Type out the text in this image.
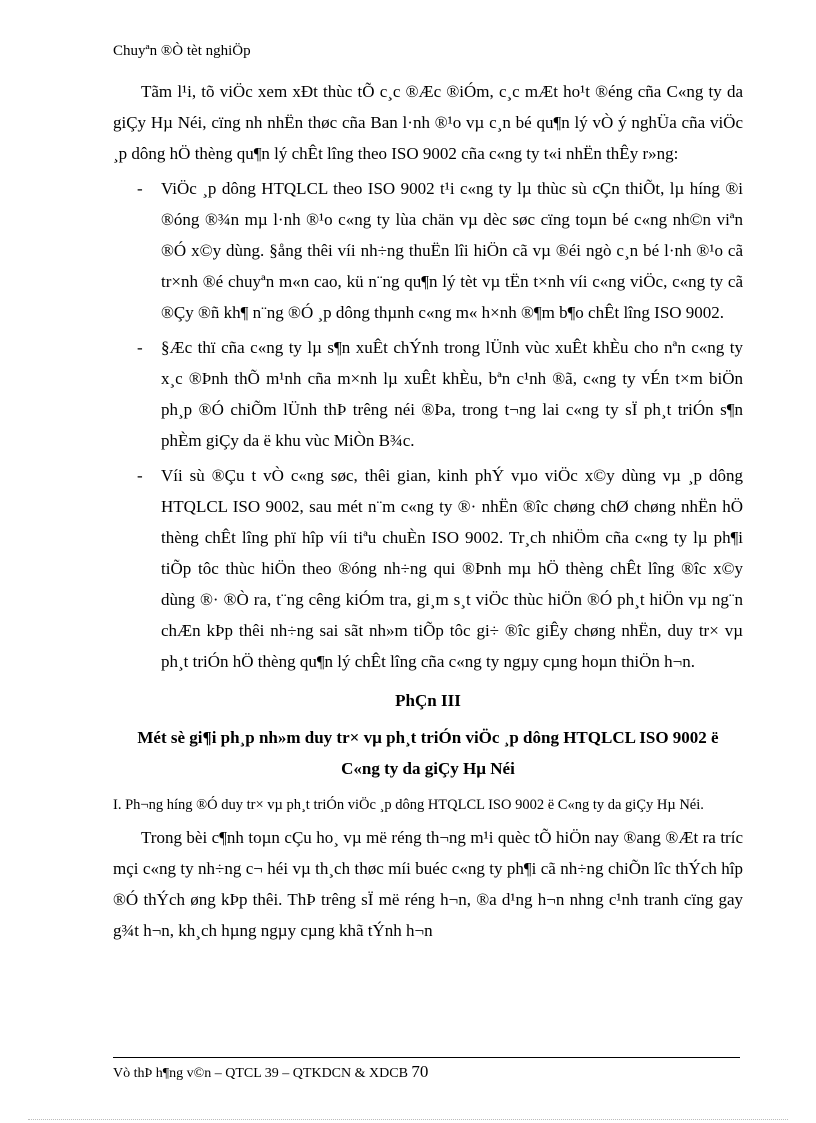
Chuyªn ®Ò tèt nghiÖp

Tãm l¹i, tõ viÖc xem xÐt thùc tÕ c¸c ®Æc ®iÓm, c¸c mÆt ho¹t ®éng cña C«ng ty da giÇy Hµ Néi, cïng nh nhËn thøc cña Ban l·nh ®¹o vµ c¸n bé qu¶n lý vÒ ý nghÜa cña viÖc ¸p dông hÖ thèng qu¶n lý chÊt lîng theo ISO 9002 cña c«ng ty t«i nhËn thÊy r»ng:

- ViÖc ¸p dông HTQLCL theo ISO 9002 t¹i c«ng ty lµ thùc sù cÇn thiÕt, lµ híng ®i ®óng ®¾n mµ l·nh ®¹o c«ng ty lùa chän vµ dèc søc cïng toµn bé c«ng nh©n viªn ®Ó x©y dùng. §ång thêi víi nh÷ng thuËn lîi hiÖn cã vµ ®éi ngò c¸n bé l·nh ®¹o cã tr×nh ®é chuyªn m«n cao, kü n¨ng qu¶n lý tèt vµ tËn t×nh víi c«ng viÖc, c«ng ty cã ®Çy ®ñ kh¶ n¨ng ®Ó ¸p dông thµnh c«ng m« h×nh ®¶m b¶o chÊt lîng ISO 9002.
- §Æc thï cña c«ng ty lµ s¶n xuÊt chÝnh trong lÜnh vùc xuÊt khÈu cho nªn c«ng ty x¸c ®Þnh thÕ m¹nh cña m×nh lµ xuÊt khÈu, bªn c¹nh ®ã, c«ng ty vÉn t×m biÖn ph¸p ®Ó chiÕm lÜnh thÞ trêng néi ®Þa, trong t¬ng lai c«ng ty sÏ ph¸t triÓn s¶n phÈm giÇy da ë khu vùc MiÒn B¾c.
- Víi sù ®Çu t vÒ c«ng søc, thêi gian, kinh phÝ vµo viÖc x©y dùng vµ ¸p dông HTQLCL ISO 9002, sau mét n¨m c«ng ty ®· nhËn ®îc chøng chØ chøng nhËn hÖ thèng chÊt lîng phï hîp víi tiªu chuÈn ISO 9002. Tr¸ch nhiÖm cña c«ng ty lµ ph¶i tiÕp tôc thùc hiÖn theo ®óng nh÷ng qui ®Þnh mµ hÖ thèng chÊt lîng ®îc x©y dùng ®· ®Ò ra, t¨ng cêng kiÓm tra, gi¸m s¸t viÖc thùc hiÖn ®Ó ph¸t hiÖn vµ ng¨n chÆn kÞp thêi nh÷ng sai sãt nh»m tiÕp tôc gi÷ ®îc giÊy chøng nhËn, duy tr× vµ ph¸t triÓn hÖ thèng qu¶n lý chÊt lîng cña c«ng ty ngµy cµng hoµn thiÖn h¬n.
PhÇn III
Mét sè gi¶i ph¸p nh»m duy tr× vµ ph¸t triÓn viÖc ¸p dông HTQLCL ISO 9002 ë C«ng ty da giÇy Hµ Néi

I. Ph¬ng híng ®Ó duy tr× vµ ph¸t triÓn viÖc ¸p dông HTQLCL ISO 9002 ë C«ng ty da giÇy Hµ Néi.

Trong bèi c¶nh toµn cÇu ho¸ vµ më réng th¬ng m¹i quèc tÕ hiÖn nay ®ang ®Æt ra tríc mçi c«ng ty nh÷ng c¬ héi vµ th¸ch thøc míi buéc c«ng ty ph¶i cã nh÷ng chiÕn lîc thÝch hîp ®Ó thÝch øng kÞp thêi. ThÞ trêng sÏ më réng h¬n, ®a d¹ng h¬n nhng c¹nh tranh cïng gay g¾t h¬n, kh¸ch hµng ngµy cµng khã tÝnh h¬n

Vò thÞ h¶ng v©n – QTCL 39 – QTKDCN & XDCB 70
